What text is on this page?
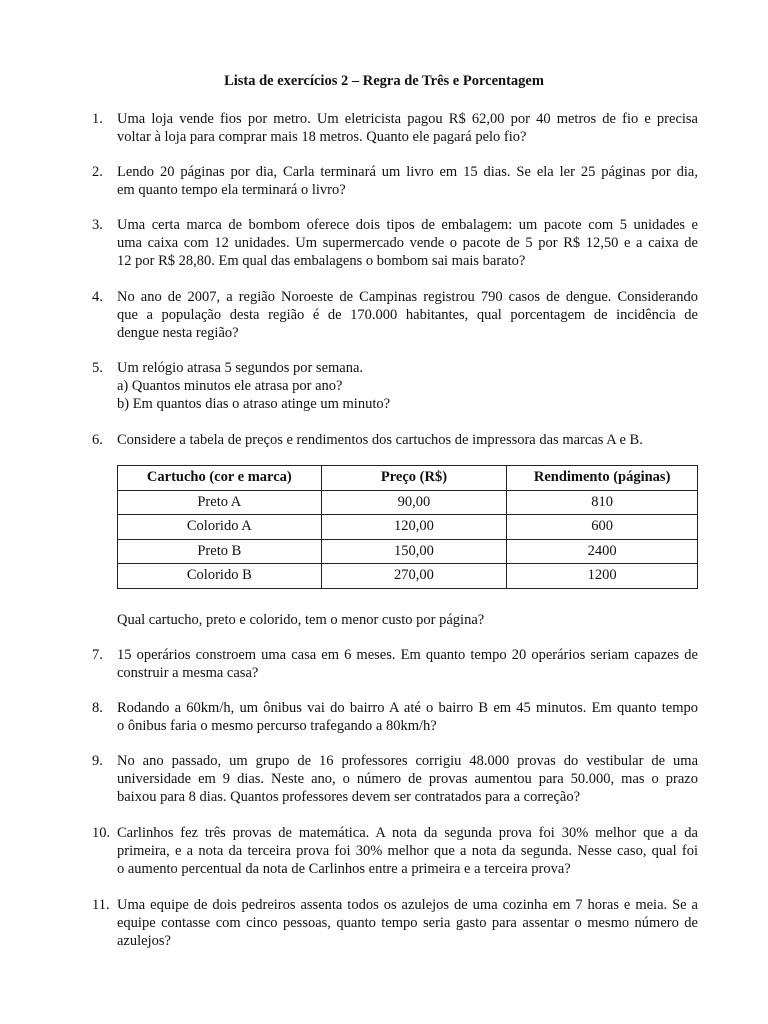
Lista de exercícios 2 – Regra de Três e Porcentagem
1. Uma loja vende fios por metro. Um eletricista pagou R$ 62,00 por 40 metros de fio e precisa
voltar à loja para comprar mais 18 metros. Quanto ele pagará pelo fio?
2. Lendo 20 páginas por dia, Carla terminará um livro em 15 dias. Se ela ler 25 páginas por dia,
em quanto tempo ela terminará o livro?
3. Uma certa marca de bombom oferece dois tipos de embalagem: um pacote com 5 unidades e
uma caixa com 12 unidades. Um supermercado vende o pacote de 5 por R$ 12,50 e a caixa de
12 por R$ 28,80. Em qual das embalagens o bombom sai mais barato?
4. No ano de 2007, a região Noroeste de Campinas registrou 790 casos de dengue. Considerando
que a população desta região é de 170.000 habitantes, qual porcentagem de incidência de
dengue nesta região?
5. Um relógio atrasa 5 segundos por semana.
a) Quantos minutos ele atrasa por ano?
b) Em quantos dias o atraso atinge um minuto?
6. Considere a tabela de preços e rendimentos dos cartuchos de impressora das marcas A e B.
Qual cartucho, preto e colorido, tem o menor custo por página?
7. 15 operários constroem uma casa em 6 meses. Em quanto tempo 20 operários seriam capazes de
construir a mesma casa?
8. Rodando a 60km/h, um ônibus vai do bairro A até o bairro B em 45 minutos. Em quanto tempo
o ônibus faria o mesmo percurso trafegando a 80km/h?
9. No ano passado, um grupo de 16 professores corrigiu 48.000 provas do vestibular de uma
universidade em 9 dias. Neste ano, o número de provas aumentou para 50.000, mas o prazo
baixou para 8 dias. Quantos professores devem ser contratados para a correção?
10. Carlinhos fez três provas de matemática. A nota da segunda prova foi 30% melhor que a da
primeira, e a nota da terceira prova foi 30% melhor que a nota da segunda. Nesse caso, qual foi
o aumento percentual da nota de Carlinhos entre a primeira e a terceira prova?
11. Uma equipe de dois pedreiros assenta todos os azulejos de uma cozinha em 7 horas e meia. Se a
equipe contasse com cinco pessoas, quanto tempo seria gasto para assentar o mesmo número de
azulejos?
Cartucho (cor e marca)	Preço (R$)	Rendimento (páginas)
Preto A	90,00	810
Colorido A	120,00	600
Preto B	150,00	2400
Colorido B	270,00	1200
